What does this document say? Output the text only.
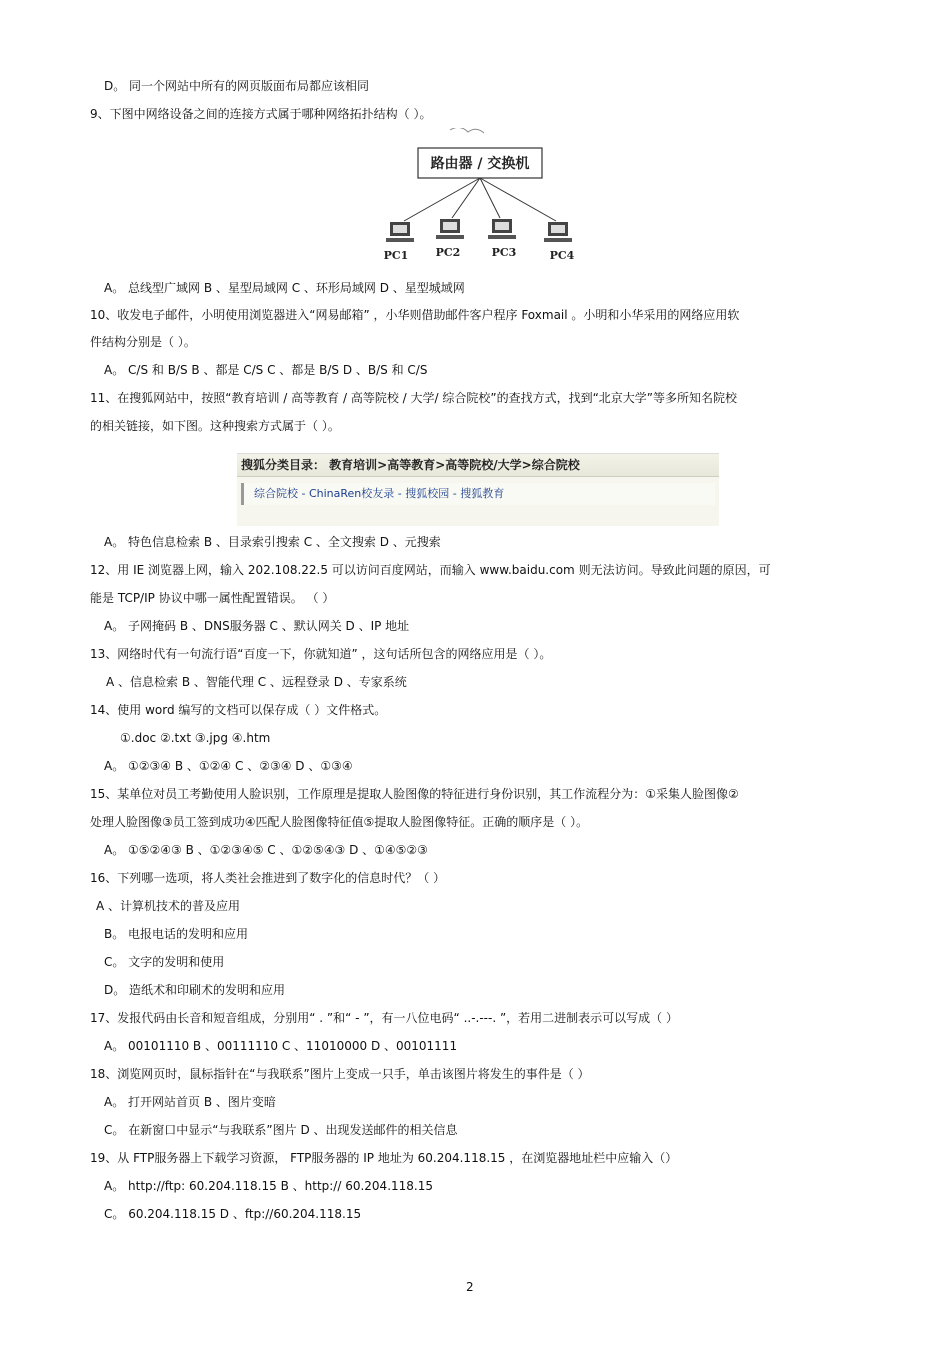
D。 同一个网站中所有的网页版面布局都应该相同
9、下图中网络设备之间的连接方式属于哪种网络拓扑结构（ ）。
路由器 / 交换机
PC1 PC2	PC3	PC4
A。 总线型广域网 B 、星型局域网 C 、环形局域网 D 、星型城域网
10、收发电子邮件，小明使用浏览器进入“网易邮箱” ，小华则借助邮件客户程序 Foxmail 。小明和小华采用的网络应用软
件结构分别是（ ）。
A。 C/S 和 B/S B 、都是 C/S C 、都是 B/S D 、B/S 和 C/S
11、在搜狐网站中，按照“教育培训 / 高等教育 / 高等院校 / 大学/ 综合院校”的查找方式，找到“北京大学”等多所知名院校
的相关链接，如下图。这种搜索方式属于（ ）。
搜狐分类目录： 教育培训>高等教育>高等院校/大学>综合院校
综合院校 - ChinaRen校友录 - 搜狐校园 - 搜狐教育

A。 特色信息检索 B 、目录索引搜索 C 、全文搜索 D 、元搜索
12、用 IE 浏览器上网，输入 202.108.22.5 可以访问百度网站，而输入 www.baidu.com 则无法访问。导致此问题的原因，可
能是 TCP/IP 协议中哪一属性配置错误。 （ ）
A。 子网掩码 B 、DNS服务器 C 、默认网关 D 、IP 地址
13、网络时代有一句流行语“百度一下，你就知道” ，这句话所包含的网络应用是（ ）。
A 、信息检索 B 、智能代理 C 、远程登录 D 、专家系统
14、使用 word 编写的文档可以保存成（ ）文件格式。
①.doc ②.txt ③.jpg ④.htm
A。 ①②③④ B 、①②④ C 、②③④ D 、①③④
15、某单位对员工考勤使用人脸识别，工作原理是提取人脸图像的特征进行身份识别，其工作流程分为：①采集人脸图像②
处理人脸图像③员工签到成功④匹配人脸图像特征值⑤提取人脸图像特征。正确的顺序是（ ）。
A。 ①⑤②④③ B 、①②③④⑤ C 、①②⑤④③ D 、①④⑤②③
16、下列哪一选项，将人类社会推进到了数字化的信息时代？（ ）
A 、计算机技术的普及应用
B。 电报电话的发明和应用
C。 文字的发明和使用
D。 造纸术和印刷术的发明和应用
17、发报代码由长音和短音组成，分别用“ . ”和“ - ”，有一八位电码“ ..-.---. ”，若用二进制表示可以写成（ ）
A。 00101110 B 、00111110 C 、11010000 D 、00101111
18、浏览网页时，鼠标指针在“与我联系”图片上变成一只手，单击该图片将发生的事件是（ ）
A。 打开网站首页 B 、图片变暗
C。 在新窗口中显示“与我联系”图片 D 、出现发送邮件的相关信息
19、从 FTP服务器上下载学习资源， FTP服务器的 IP 地址为 60.204.118.15 ，在浏览器地址栏中应输入（）
A。 http://ftp: 60.204.118.15 B 、http:// 60.204.118.15
C。 60.204.118.15 D 、ftp://60.204.118.15
2
